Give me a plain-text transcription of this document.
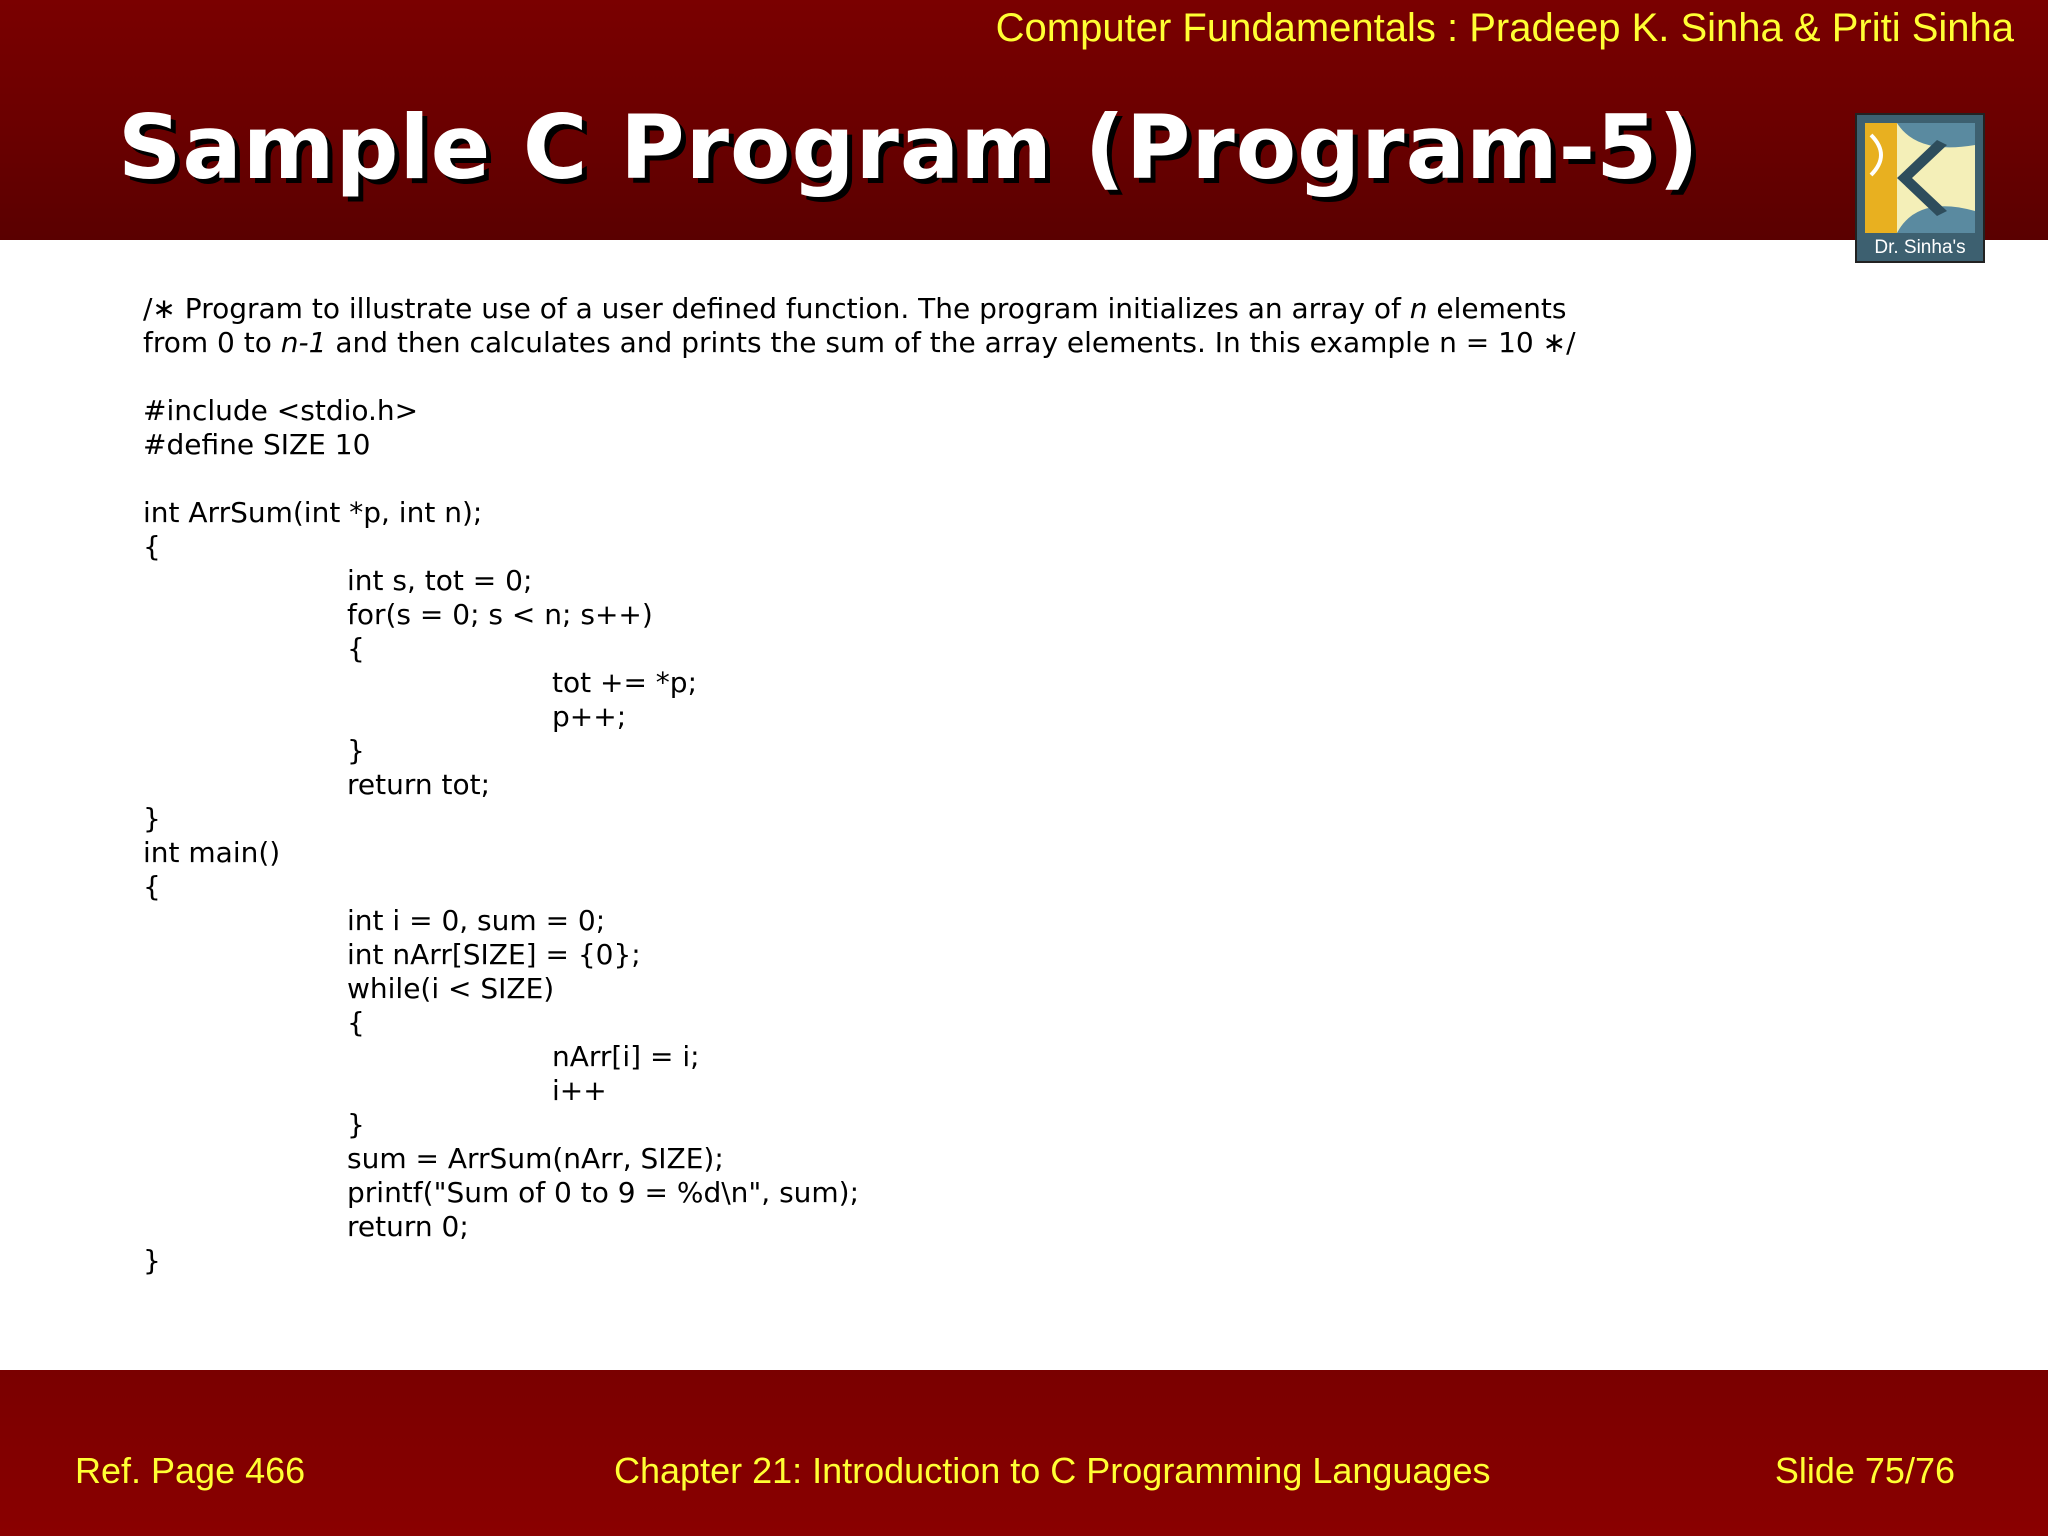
Computer Fundamentals : Pradeep K. Sinha & Priti Sinha
Sample C Program (Program-5)
Dr. Sinha's
/∗ Program to illustrate use of a user defined function. The program initializes an array of n elements
from 0 to n-1 and then calculates and prints the sum of the array elements. In this example n = 10 ∗/
#include <stdio.h>
#define SIZE 10
int ArrSum(int *p, int n);
{
int s, tot = 0;
for(s = 0; s < n; s++)
{
tot += *p;
p++;
}
return tot;
}
int main()
{
int i = 0, sum = 0;
int nArr[SIZE] = {0};
while(i < SIZE)
{
nArr[i] = i;
i++
}
sum = ArrSum(nArr, SIZE);
printf("Sum of 0 to 9 = %d\n", sum);
return 0;
}
Ref. Page 466	Chapter 21: Introduction to C Programming Languages	Slide 75/76
